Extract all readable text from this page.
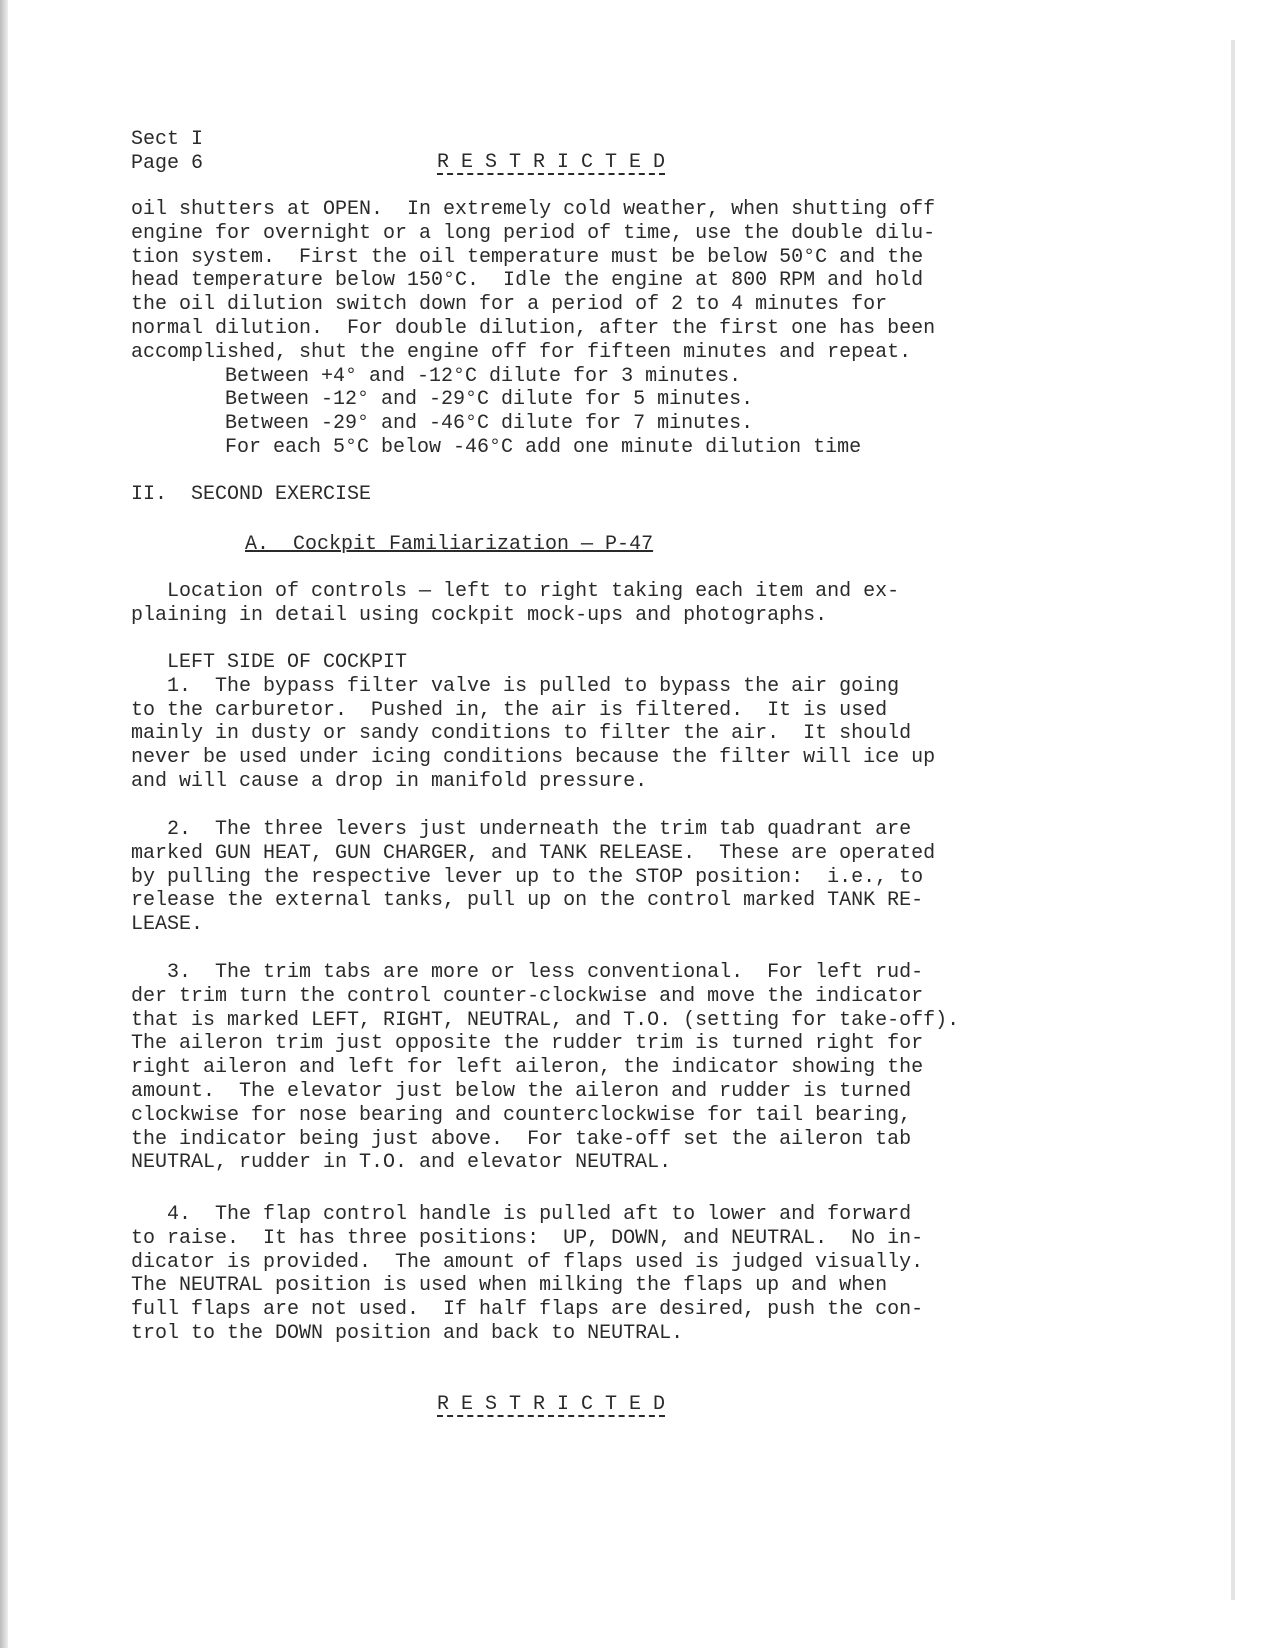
Sect I
Page 6	R E S T R I C T E D
oil shutters at OPEN.  In extremely cold weather, when shutting off
engine for overnight or a long period of time, use the double dilu-
tion system.  First the oil temperature must be below 50°C and the
head temperature below 150°C.  Idle the engine at 800 RPM and hold
the oil dilution switch down for a period of 2 to 4 minutes for
normal dilution.  For double dilution, after the first one has been
accomplished, shut the engine off for fifteen minutes and repeat.
Between +4° and -12°C dilute for 3 minutes.
Between -12° and -29°C dilute for 5 minutes.
Between -29° and -46°C dilute for 7 minutes.
For each 5°C below -46°C add one minute dilution time
II.  SECOND EXERCISE
A.  Cockpit Familiarization — P-47
Location of controls — left to right taking each item and ex-
plaining in detail using cockpit mock-ups and photographs.
LEFT SIDE OF COCKPIT
1.  The bypass filter valve is pulled to bypass the air going
to the carburetor.  Pushed in, the air is filtered.  It is used
mainly in dusty or sandy conditions to filter the air.  It should
never be used under icing conditions because the filter will ice up
and will cause a drop in manifold pressure.
2.  The three levers just underneath the trim tab quadrant are
marked GUN HEAT, GUN CHARGER, and TANK RELEASE.  These are operated
by pulling the respective lever up to the STOP position:  i.e., to
release the external tanks, pull up on the control marked TANK RE-
LEASE.
3.  The trim tabs are more or less conventional.  For left rud-
der trim turn the control counter-clockwise and move the indicator
that is marked LEFT, RIGHT, NEUTRAL, and T.O. (setting for take-off).
The aileron trim just opposite the rudder trim is turned right for
right aileron and left for left aileron, the indicator showing the
amount.  The elevator just below the aileron and rudder is turned
clockwise for nose bearing and counterclockwise for tail bearing,
the indicator being just above.  For take-off set the aileron tab
NEUTRAL, rudder in T.O. and elevator NEUTRAL.
4.  The flap control handle is pulled aft to lower and forward
to raise.  It has three positions:  UP, DOWN, and NEUTRAL.  No in-
dicator is provided.  The amount of flaps used is judged visually.
The NEUTRAL position is used when milking the flaps up and when
full flaps are not used.  If half flaps are desired, push the con-
trol to the DOWN position and back to NEUTRAL.
R E S T R I C T E D
